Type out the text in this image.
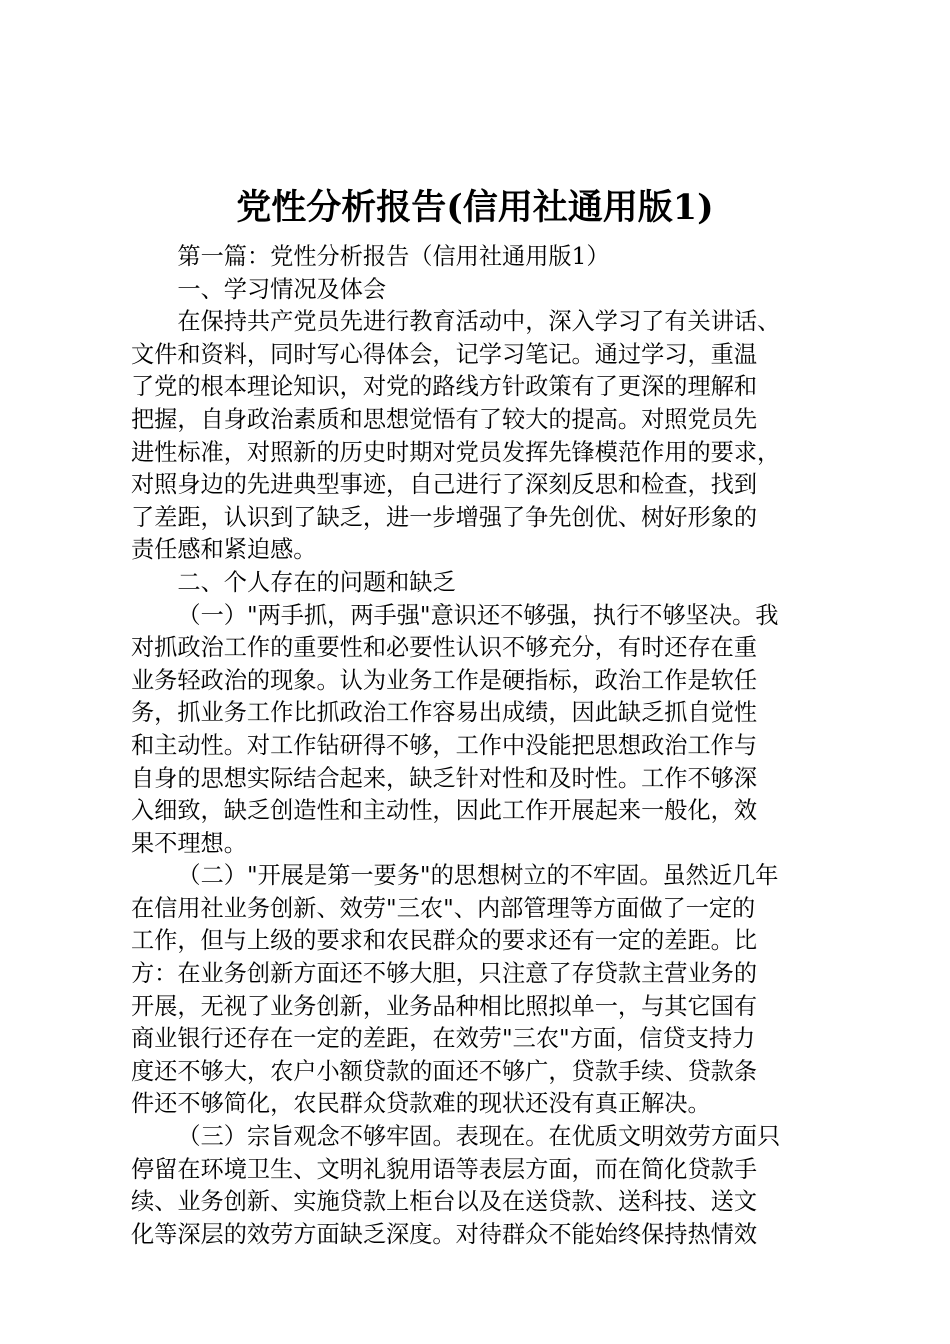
党性分析报告(信用社通用版1)

第一篇：党性分析报告（信用社通用版1）

一、学习情况及体会

在保持共产党员先进行教育活动中，深入学习了有关讲话、
文件和资料，同时写心得体会，记学习笔记。通过学习，重温
了党的根本理论知识，对党的路线方针政策有了更深的理解和
把握，自身政治素质和思想觉悟有了较大的提高。对照党员先
进性标准，对照新的历史时期对党员发挥先锋模范作用的要求，
对照身边的先进典型事迹，自己进行了深刻反思和检查，找到
了差距，认识到了缺乏，进一步增强了争先创优、树好形象的
责任感和紧迫感。

二、个人存在的问题和缺乏

（一）"两手抓，两手强"意识还不够强，执行不够坚决。我
对抓政治工作的重要性和必要性认识不够充分，有时还存在重
业务轻政治的现象。认为业务工作是硬指标，政治工作是软任
务，抓业务工作比抓政治工作容易出成绩，因此缺乏抓自觉性
和主动性。对工作钻研得不够，工作中没能把思想政治工作与
自身的思想实际结合起来，缺乏针对性和及时性。工作不够深
入细致，缺乏创造性和主动性，因此工作开展起来一般化，效
果不理想。

（二）"开展是第一要务"的思想树立的不牢固。虽然近几年
在信用社业务创新、效劳"三农"、内部管理等方面做了一定的
工作，但与上级的要求和农民群众的要求还有一定的差距。比
方：在业务创新方面还不够大胆，只注意了存贷款主营业务的
开展，无视了业务创新，业务品种相比照拟单一，与其它国有
商业银行还存在一定的差距，在效劳"三农"方面，信贷支持力
度还不够大，农户小额贷款的面还不够广，贷款手续、贷款条
件还不够简化，农民群众贷款难的现状还没有真正解决。

（三）宗旨观念不够牢固。表现在。在优质文明效劳方面只
停留在环境卫生、文明礼貌用语等表层方面，而在简化贷款手
续、业务创新、实施贷款上柜台以及在送贷款、送科技、送文
化等深层的效劳方面缺乏深度。对待群众不能始终保持热情效
